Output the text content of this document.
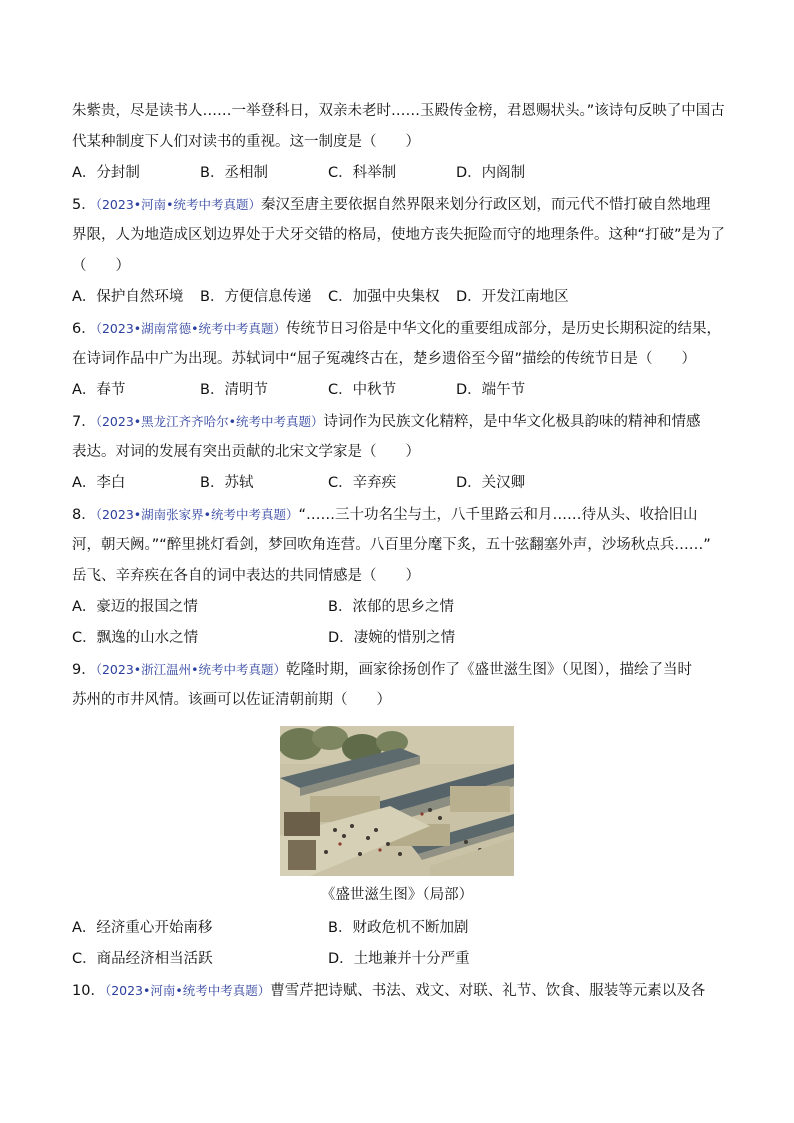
朱紫贵，尽是读书人……一举登科日，双亲未老时……玉殿传金榜，君恩赐状头。”该诗句反映了中国古
代某种制度下人们对读书的重视。这一制度是（　　）
A．分封制	B．丞相制	C．科举制	D．内阁制
5．（2023•河南•统考中考真题）秦汉至唐主要依据自然界限来划分行政区划，而元代不惜打破自然地理
界限，人为地造成区划边界处于犬牙交错的格局，使地方丧失扼险而守的地理条件。这种“打破”是为了
（　　）
A．保护自然环境	B．方便信息传递	C．加强中央集权	D．开发江南地区
6．（2023•湖南常德•统考中考真题）传统节日习俗是中华文化的重要组成部分，是历史长期积淀的结果，
在诗词作品中广为出现。苏轼词中“屈子冤魂终古在，楚乡遗俗至今留”描绘的传统节日是（　　）
A．春节	B．清明节	C．中秋节	D．端午节
7．（2023•黑龙江齐齐哈尔•统考中考真题）诗词作为民族文化精粹，是中华文化极具韵味的精神和情感
表达。对词的发展有突出贡献的北宋文学家是（　　）
A．李白	B．苏轼	C．辛弃疾	D．关汉卿
8．（2023•湖南张家界•统考中考真题）“……三十功名尘与土，八千里路云和月……待从头、收拾旧山
河，朝天阙。”“醉里挑灯看剑，梦回吹角连营。八百里分麾下炙，五十弦翻塞外声，沙场秋点兵……”
岳飞、辛弃疾在各自的词中表达的共同情感是（　　）
A．豪迈的报国之情	B．浓郁的思乡之情
C．飘逸的山水之情	D．凄婉的惜别之情
9．（2023•浙江温州•统考中考真题）乾隆时期，画家徐扬创作了《盛世滋生图》（见图），描绘了当时
苏州的市井风情。该画可以佐证清朝前期（　　）
《盛世滋生图》（局部）
A．经济重心开始南移	B．财政危机不断加剧
C．商品经济相当活跃	D．土地兼并十分严重
10．（2023•河南•统考中考真题）曹雪芹把诗赋、书法、戏文、对联、礼节、饮食、服装等元素以及各
